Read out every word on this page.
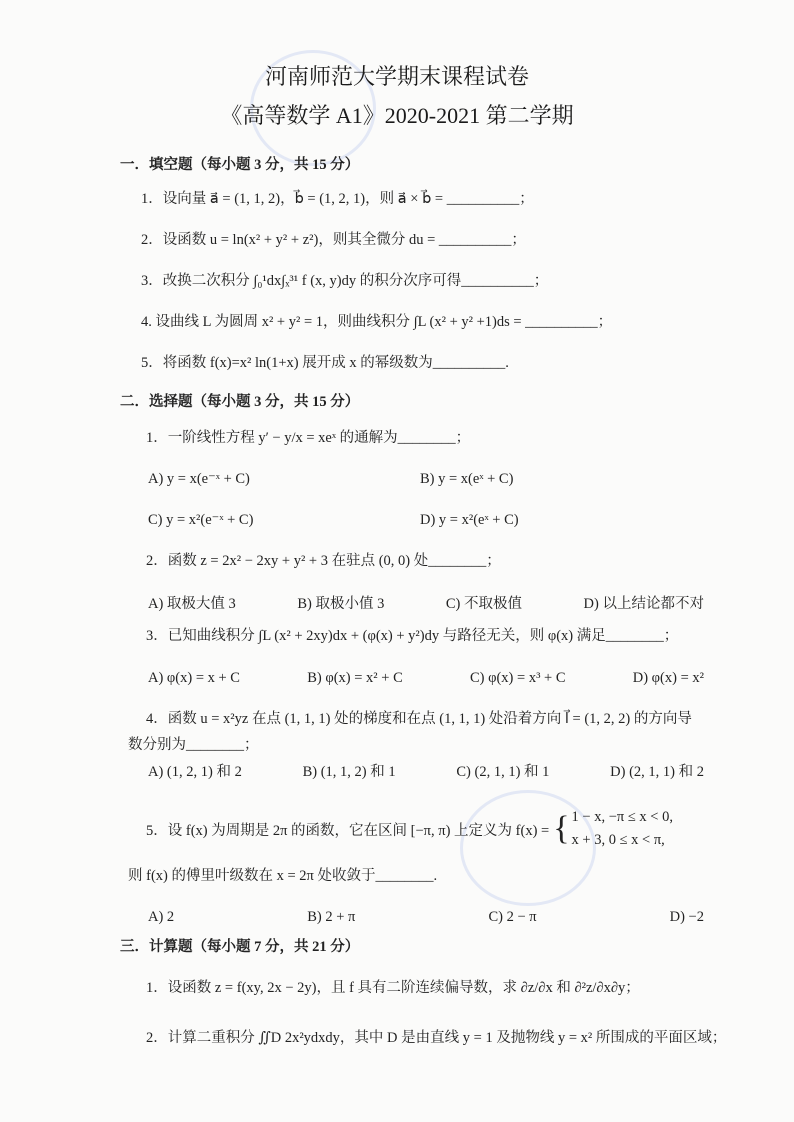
河南师范大学期末课程试卷
《高等数学 A1》2020-2021 第二学期
一．填空题（每小题 3 分，共 15 分）
1．设向量 a⃗ = (1, 1, 2)，b⃗ = (1, 2, 1)，则 a⃗ × b⃗ = __________；
2．设函数 u = ln(x² + y² + z²)，则其全微分 du = __________；
3．改换二次积分 ∫₀¹dx∫ₓ³¹ f (x, y)dy 的积分次序可得__________；
4. 设曲线 L 为圆周 x² + y² = 1，则曲线积分 ∫L (x² + y² +1)ds = __________；
5．将函数 f(x)=x² ln(1+x) 展开成 x 的幂级数为__________.
二．选择题（每小题 3 分，共 15 分）
1．一阶线性方程 y′ − y/x = xeˣ 的通解为________；
A) y = x(e⁻ˣ + C)	B) y = x(eˣ + C)
C) y = x²(e⁻ˣ + C)	D) y = x²(eˣ + C)
2．函数 z = 2x² − 2xy + y² + 3 在驻点 (0, 0) 处________；
A) 取极大值 3	B) 取极小值 3	C) 不取极值	D) 以上结论都不对
3．已知曲线积分 ∫L (x² + 2xy)dx + (φ(x) + y²)dy 与路径无关，则 φ(x) 满足________；
A) φ(x) = x + C	B) φ(x) = x² + C	C) φ(x) = x³ + C	D) φ(x) = x²
4．函数 u = x²yz 在点 (1, 1, 1) 处的梯度和在点 (1, 1, 1) 处沿着方向 l⃗ = (1, 2, 2) 的方向导
数分别为________；
A) (1, 2, 1) 和 2	B) (1, 1, 2) 和 1	C) (2, 1, 1) 和 1	D) (2, 1, 1) 和 2
5．设 f(x) 为周期是 2π 的函数，它在区间 [−π, π) 上定义为 f(x) = { 1 − x, −π ≤ x < 0,
x + 3, 0 ≤ x < π,
则 f(x) 的傅里叶级数在 x = 2π 处收敛于________.
A) 2	B) 2 + π	C) 2 − π	D) −2
三．计算题（每小题 7 分，共 21 分）
1．设函数 z = f(xy, 2x − 2y)，且 f 具有二阶连续偏导数，求 ∂z/∂x 和 ∂²z/∂x∂y；
2．计算二重积分 ∬D 2x²ydxdy，其中 D 是由直线 y = 1 及抛物线 y = x² 所围成的平面区域；
